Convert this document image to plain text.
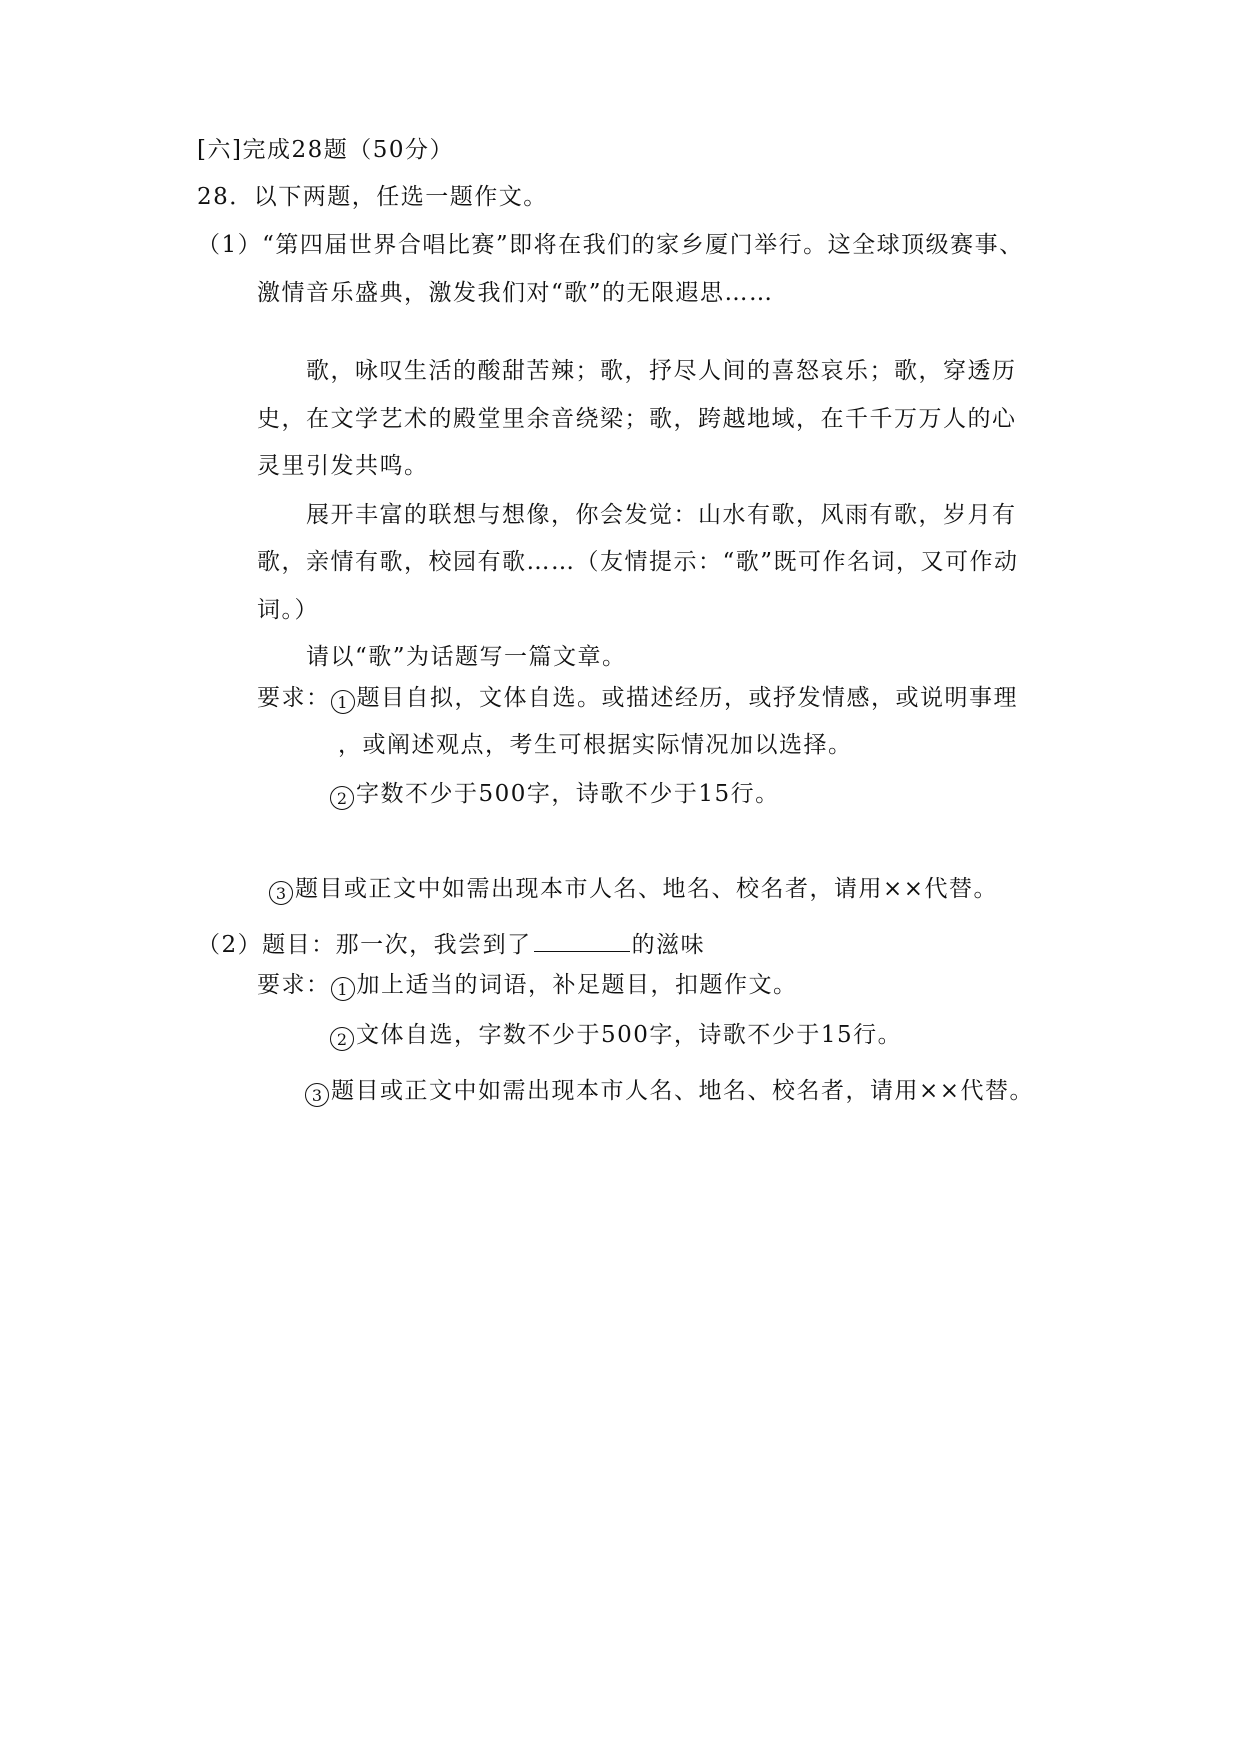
[六]完成28题（50分）
28．以下两题，任选一题作文。
（1）“第四届世界合唱比赛”即将在我们的家乡厦门举行。这全球顶级赛事、
激情音乐盛典，激发我们对“歌”的无限遐思……
歌，咏叹生活的酸甜苦辣；歌，抒尽人间的喜怒哀乐；歌，穿透历
史，在文学艺术的殿堂里余音绕梁；歌，跨越地域，在千千万万人的心
灵里引发共鸣。
展开丰富的联想与想像，你会发觉：山水有歌，风雨有歌，岁月有
歌，亲情有歌，校园有歌……（友情提示：“歌”既可作名词，又可作动
词。）
请以“歌”为话题写一篇文章。
要求： 1 题目自拟，文体自选。或描述经历，或抒发情感，或说明事理
，或阐述观点，考生可根据实际情况加以选择。
2 字数不少于500字，诗歌不少于15行。
3 题目或正文中如需出现本市人名、地名、校名者，请用××代替。
（2）题目：那一次，我尝到了	的滋味
要求： 1 加上适当的词语，补足题目，扣题作文。
2 文体自选，字数不少于500字，诗歌不少于15行。
3 题目或正文中如需出现本市人名、地名、校名者，请用××代替。
